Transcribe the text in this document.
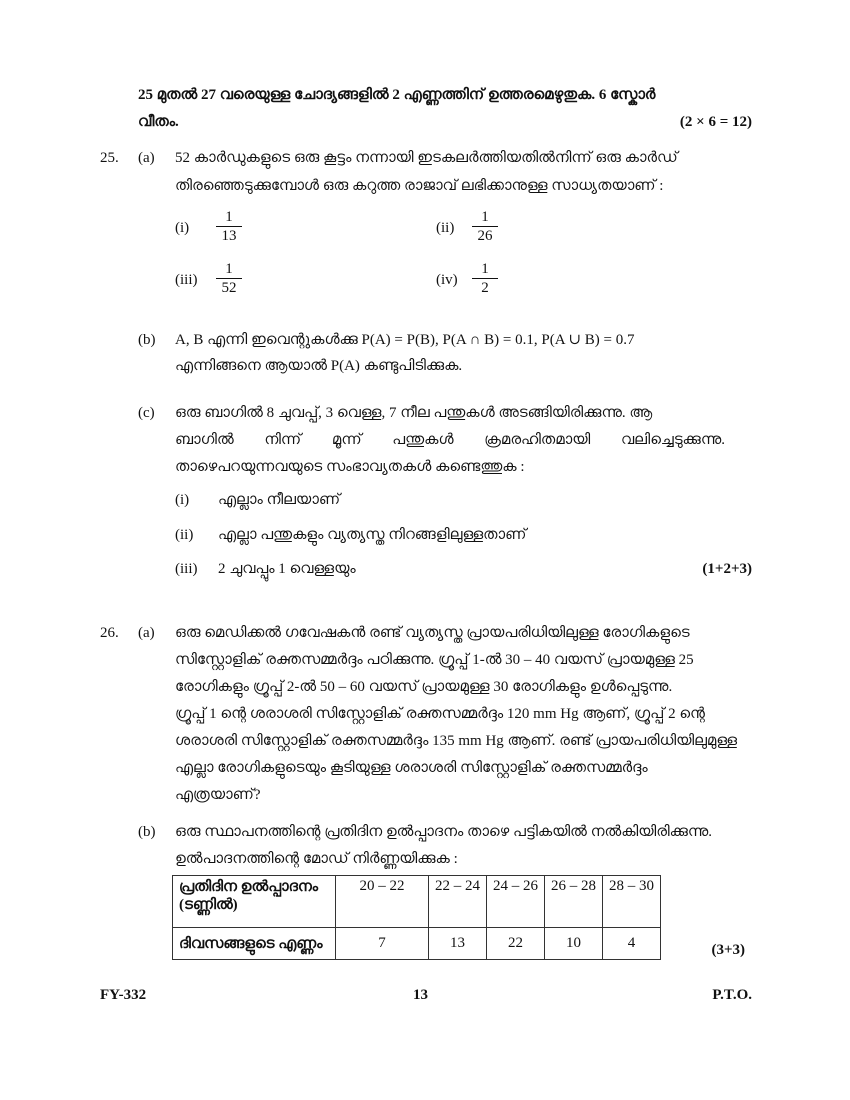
25 മുതൽ 27 വരെയുള്ള ചോദ്യങ്ങളിൽ 2 എണ്ണത്തിന് ഉത്തരമെഴുതുക. 6 സ്കോർ
വീതം.	(2 × 6 = 12)
25. (a) 52 കാർഡുകളുടെ ഒരു കൂട്ടം നന്നായി ഇടകലർത്തിയതിൽനിന്ന് ഒരു കാർഡ്
തിരഞ്ഞെടുക്കുമ്പോൾ ഒരു കറുത്ത രാജാവ് ലഭിക്കാനുള്ള സാധ്യതയാണ് :
$(i) \frac{1}{13}$	$(ii) \frac{1}{26}$
$(iii) \frac{1}{52}$	$(iv) \frac{1}{2}$
(b) A, B എന്നി ഇവെന്റുകൾക്കു P(A) = P(B), P(A ∩ B) = 0.1, P(A ∪ B) = 0.7
എന്നിങ്ങനെ ആയാൽ P(A) കണ്ടുപിടിക്കുക.
(c) ഒരു ബാഗിൽ 8 ചുവപ്പ്, 3 വെള്ള, 7 നീല പന്തുകൾ അടങ്ങിയിരിക്കുന്നു. ആ
ബാഗിൽ നിന്ന് മൂന്ന് പന്തുകൾ ക്രമരഹിതമായി വലിച്ചെടുക്കുന്നു.
താഴെപറയുന്നവയുടെ സംഭാവ്യതകൾ കണ്ടെത്തുക :
(i) എല്ലാം നീലയാണ്
(ii) എല്ലാ പന്തുകളും വ്യത്യസ്ത നിറങ്ങളിലുള്ളതാണ്
(iii) 2 ചുവപ്പും 1 വെള്ളയും	(1+2+3)
26. (a) ഒരു മെഡിക്കൽ ഗവേഷകൻ രണ്ട് വ്യത്യസ്ത പ്രായപരിധിയിലുള്ള രോഗികളുടെ
സിസ്റ്റോളിക് രക്തസമ്മർദ്ദം പഠിക്കുന്നു. ഗ്രൂപ്പ് 1-ൽ 30 – 40 വയസ് പ്രായമുള്ള 25
രോഗികളും ഗ്രൂപ്പ് 2-ൽ 50 – 60 വയസ് പ്രായമുള്ള 30 രോഗികളും ഉൾപ്പെടുന്നു.
ഗ്രൂപ്പ് 1 ന്റെ ശരാശരി സിസ്റ്റോളിക് രക്തസമ്മർദ്ദം 120 mm Hg ആണ്, ഗ്രൂപ്പ് 2 ന്റെ
ശരാശരി സിസ്റ്റോളിക് രക്തസമ്മർദ്ദം 135 mm Hg ആണ്. രണ്ട് പ്രായപരിധിയിലുമുള്ള
എല്ലാ രോഗികളുടെയും കൂടിയുള്ള ശരാശരി സിസ്റ്റോളിക് രക്തസമ്മർദ്ദം
എത്രയാണ്?
(b) ഒരു സ്ഥാപനത്തിന്റെ പ്രതിദിന ഉൽപ്പാദനം താഴെ പട്ടികയിൽ നൽകിയിരിക്കുന്നു.
ഉൽപാദനത്തിന്റെ മോഡ് നിർണ്ണയിക്കുക :
പ്രതിദിന ഉൽപ്പാദനം (ടണ്ണിൽ)	20 – 22	22 – 24	24 – 26	26 – 28	28 – 30
ദിവസങ്ങളുടെ എണ്ണം	7	13	22	10	4	(3+3)
FY-332	13	P.T.O.
